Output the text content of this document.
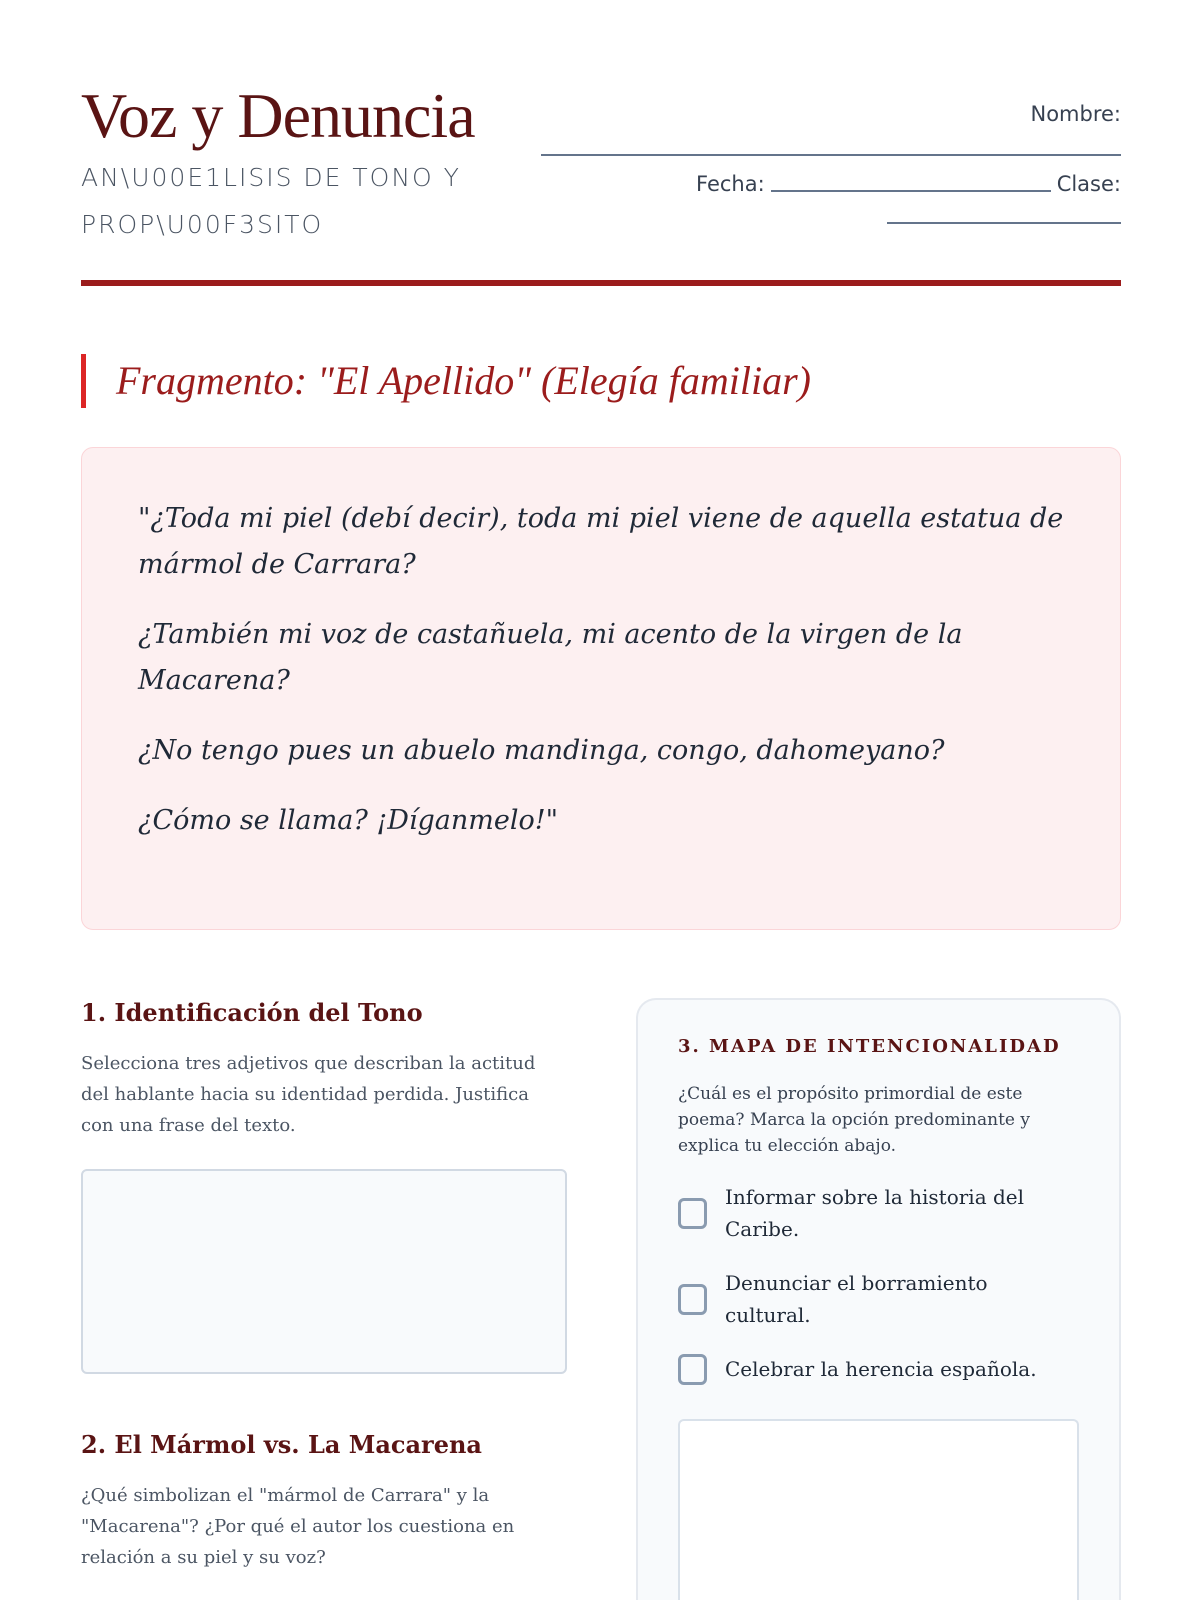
Voz y Denuncia
AN\U00E1LISIS DE TONO Y PROP\U00F3SITO
Nombre:
Fecha:	Clase:
Fragmento: "El Apellido" (Elegía familiar)

"¿Toda mi piel (debí decir), toda mi piel viene de aquella estatua de mármol de Carrara?

¿También mi voz de castañuela, mi acento de la virgen de la Macarena?

¿No tengo pues un abuelo mandinga, congo, dahomeyano?

¿Cómo se llama? ¡Díganmelo!"

1. Identificación del Tono
Selecciona tres adjetivos que describan la actitud del hablante hacia su identidad perdida. Justifica con una frase del texto.
2. El Mármol vs. La Macarena
¿Qué simbolizan el "mármol de Carrara" y la "Macarena"? ¿Por qué el autor los cuestiona en relación a su piel y su voz?
3. MAPA DE INTENCIONALIDAD
¿Cuál es el propósito primordial de este poema? Marca la opción predominante y explica tu elección abajo.
Informar sobre la historia del Caribe.
Denunciar el borramiento cultural.
Celebrar la herencia española.
